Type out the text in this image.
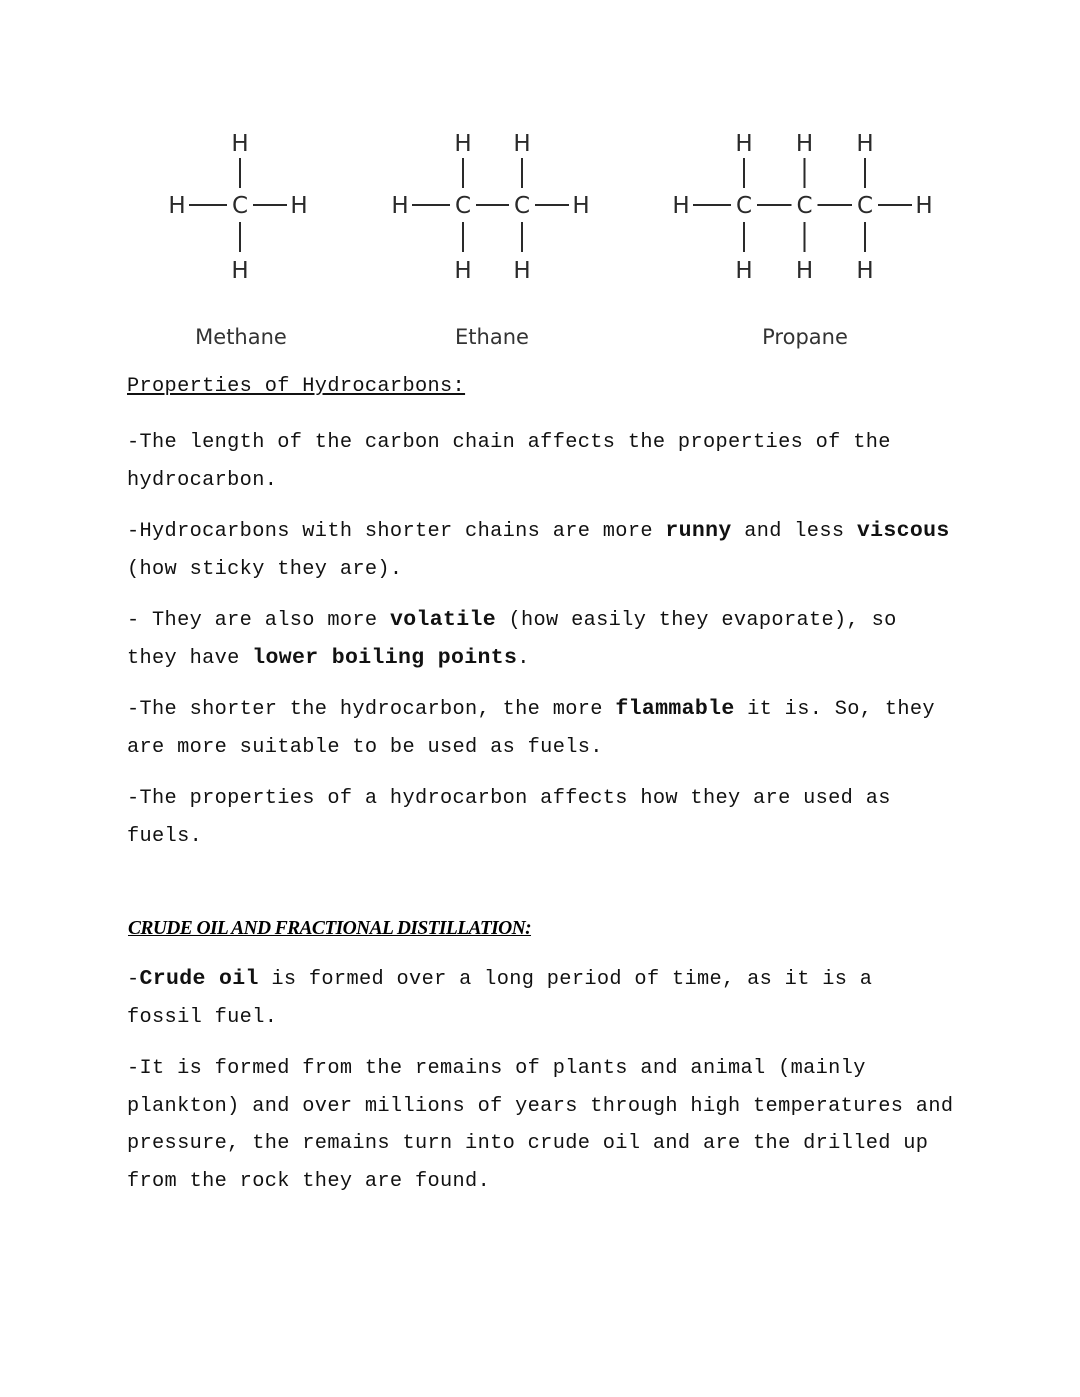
C
H
H
H	H	C
H
H
C
H
H
H	H	C
H
H
C
H
H
C
H
H
H	H
Methane	Ethane	Propane
Properties of Hydrocarbons:

-The length of the carbon chain affects the properties of the hydrocarbon.

-Hydrocarbons with shorter chains are more runny and less viscous (how sticky they are).

- They are also more volatile (how easily they evaporate), so they have lower boiling points.

-The shorter the hydrocarbon, the more flammable it is. So, they are more suitable to be used as fuels.

-The properties of a hydrocarbon affects how they are used as fuels.

CRUDE OIL AND FRACTIONAL DISTILLATION:

-Crude oil is formed over a long period of time, as it is a fossil fuel.

-It is formed from the remains of plants and animal (mainly plankton) and over millions of years through high temperatures and pressure, the remains turn into crude oil and are the drilled up from the rock they are found.
